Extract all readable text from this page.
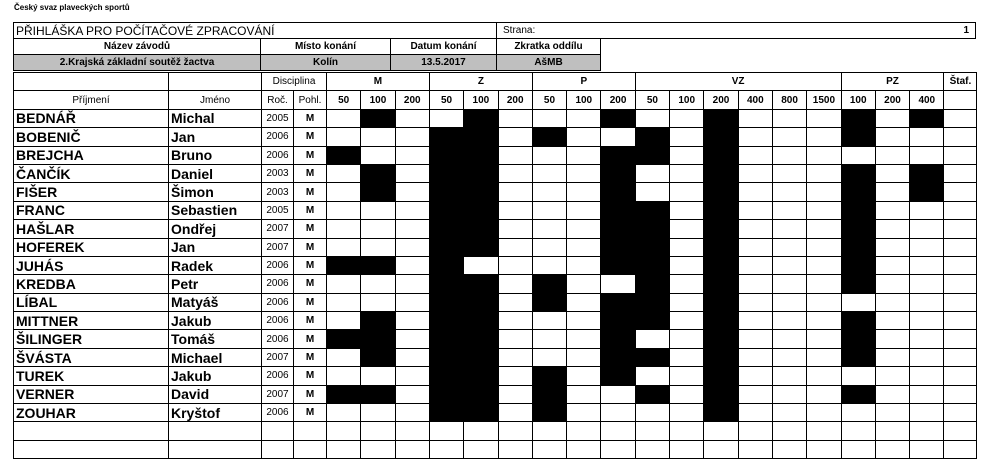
Český svaz plaveckých sportů
PŘIHLÁŠKA PRO POČÍTAČOVÉ ZPRACOVÁNÍ			Strana:	1
Název závodů	Místo konání	Datum konání	Zkratka oddílu	
2.Krajská základní soutěž žactva	Kolín	13.5.2017	AšMB	
		Disciplina		M			Z			P			VZ						PZ			Štaf.
Příjmení	Jméno	Roč.	Pohl.	50	100	200	50	100	200	50	100	200	50	100	200	400	800	1500	100	200	400	
BEDNÁŘ	Michal	2005	M																			
BOBENIČ	Jan	2006	M																			
BREJCHA	Bruno	2006	M																			
ČANČÍK	Daniel	2003	M																			
FIŠER	Šimon	2003	M																			
FRANC	Sebastien	2005	M																			
HAŠLAR	Ondřej	2007	M																			
HOFEREK	Jan	2007	M																			
JUHÁS	Radek	2006	M																			
KREDBA	Petr	2006	M																			
LÍBAL	Matyáš	2006	M																			
MITTNER	Jakub	2006	M																			
ŠILINGER	Tomáš	2006	M																			
ŠVÁSTA	Michael	2007	M																			
TUREK	Jakub	2006	M																			
VERNER	David	2007	M																			
ZOUHAR	Kryštof	2006	M																			
